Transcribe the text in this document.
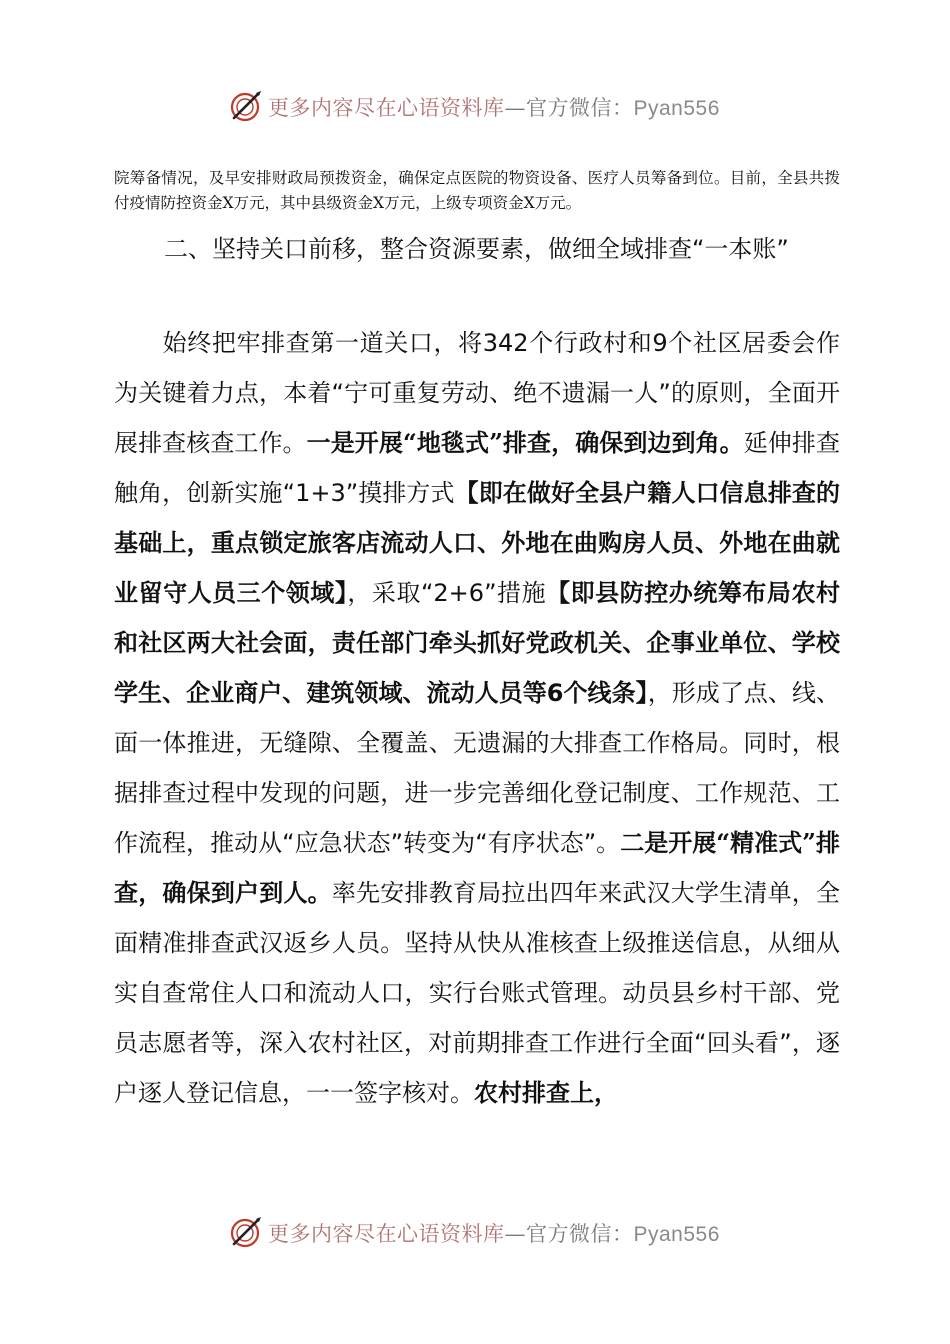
更多内容尽在心语资料库—官方微信：Pyan556

院筹备情况，及早安排财政局预拨资金，确保定点医院的物资设备、医疗人员筹备到位。目前，全县共拨付疫情防控资金X万元，其中县级资金X万元，上级专项资金X万元。

二、坚持关口前移，整合资源要素，做细全域排查“一本账”

始终把牢排查第一道关口，将342个行政村和9个社区居委会作为关键着力点，本着“宁可重复劳动、绝不遗漏一人”的原则，全面开展排查核查工作。一是开展“地毯式”排查，确保到边到角。延伸排查触角，创新实施“1+3”摸排方式【即在做好全县户籍人口信息排查的基础上，重点锁定旅客店流动人口、外地在曲购房人员、外地在曲就业留守人员三个领域】，采取“2+6”措施【即县防控办统筹布局农村和社区两大社会面，责任部门牵头抓好党政机关、企事业单位、学校学生、企业商户、建筑领域、流动人员等6个线条】，形成了点、线、面一体推进，无缝隙、全覆盖、无遗漏的大排查工作格局。同时，根据排查过程中发现的问题，进一步完善细化登记制度、工作规范、工作流程，推动从“应急状态”转变为“有序状态”。二是开展“精准式”排查，确保到户到人。率先安排教育局拉出四年来武汉大学生清单，全面精准排查武汉返乡人员。坚持从快从准核查上级推送信息，从细从实自查常住人口和流动人口，实行台账式管理。动员县乡村干部、党员志愿者等，深入农村社区，对前期排查工作进行全面“回头看”，逐户逐人登记信息，一一签字核对。农村排查上，

更多内容尽在心语资料库—官方微信：Pyan556
